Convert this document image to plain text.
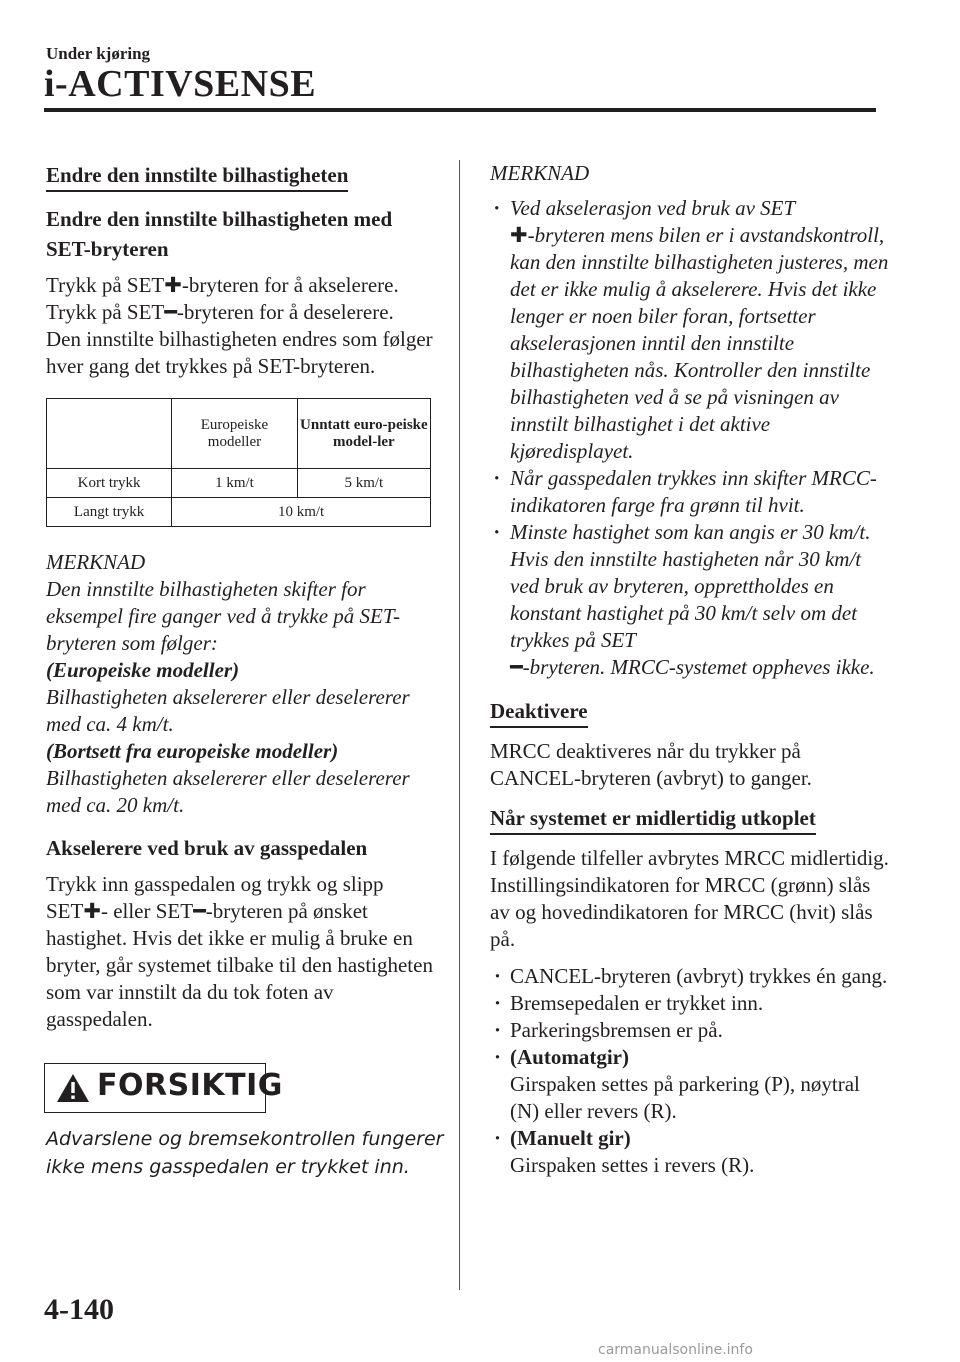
Under kjøring
i-ACTIVSENSE
Endre den innstilte bilhastigheten
Endre den innstilte bilhastigheten med SET-bryteren
Trykk på SET✚-bryteren for å akselerere.
Trykk på SET━-bryteren for å deselerere.
Den innstilte bilhastigheten endres som følger hver gang det trykkes på SET-bryteren.
	Europeiske modeller	Unntatt euro-peiske model-ler
Kort trykk	1 km/t	5 km/t
Langt trykk	10 km/t	
MERKNAD
Den innstilte bilhastigheten skifter for eksempel fire ganger ved å trykke på SET-bryteren som følger:
(Europeiske modeller)
Bilhastigheten akselererer eller deselererer med ca. 4 km/t.
(Bortsett fra europeiske modeller)
Bilhastigheten akselererer eller deselererer med ca. 20 km/t.
Akselerere ved bruk av gasspedalen
Trykk inn gasspedalen og trykk og slipp SET✚- eller SET━-bryteren på ønsket hastighet. Hvis det ikke er mulig å bruke en bryter, går systemet tilbake til den hastigheten som var innstilt da du tok foten av gasspedalen.
FORSIKTIG
Advarslene og bremsekontrollen fungerer ikke mens gasspedalen er trykket inn.
MERKNAD
· Ved akselerasjon ved bruk av SET
✚-bryteren mens bilen er i avstandskontroll, kan den innstilte bilhastigheten justeres, men det er ikke mulig å akselerere. Hvis det ikke lenger er noen biler foran, fortsetter akselerasjonen inntil den innstilte bilhastigheten nås. Kontroller den innstilte bilhastigheten ved å se på visningen av innstilt bilhastighet i det aktive kjøredisplayet.
· Når gasspedalen trykkes inn skifter MRCC-indikatoren farge fra grønn til hvit.
· Minste hastighet som kan angis er 30 km/t. Hvis den innstilte hastigheten når 30 km/t ved bruk av bryteren, opprettholdes en konstant hastighet på 30 km/t selv om det trykkes på SET
━-bryteren. MRCC-systemet oppheves ikke.
Deaktivere
MRCC deaktiveres når du trykker på CANCEL-bryteren (avbryt) to ganger.
Når systemet er midlertidig utkoplet
I følgende tilfeller avbrytes MRCC midlertidig. Instillingsindikatoren for MRCC (grønn) slås av og hovedindikatoren for MRCC (hvit) slås på.
· CANCEL-bryteren (avbryt) trykkes én gang.
· Bremsepedalen er trykket inn.
· Parkeringsbremsen er på.
· (Automatgir)
Girspaken settes på parkering (P), nøytral (N) eller revers (R).
· (Manuelt gir)
Girspaken settes i revers (R).
4-140
carmanualsonline.info
